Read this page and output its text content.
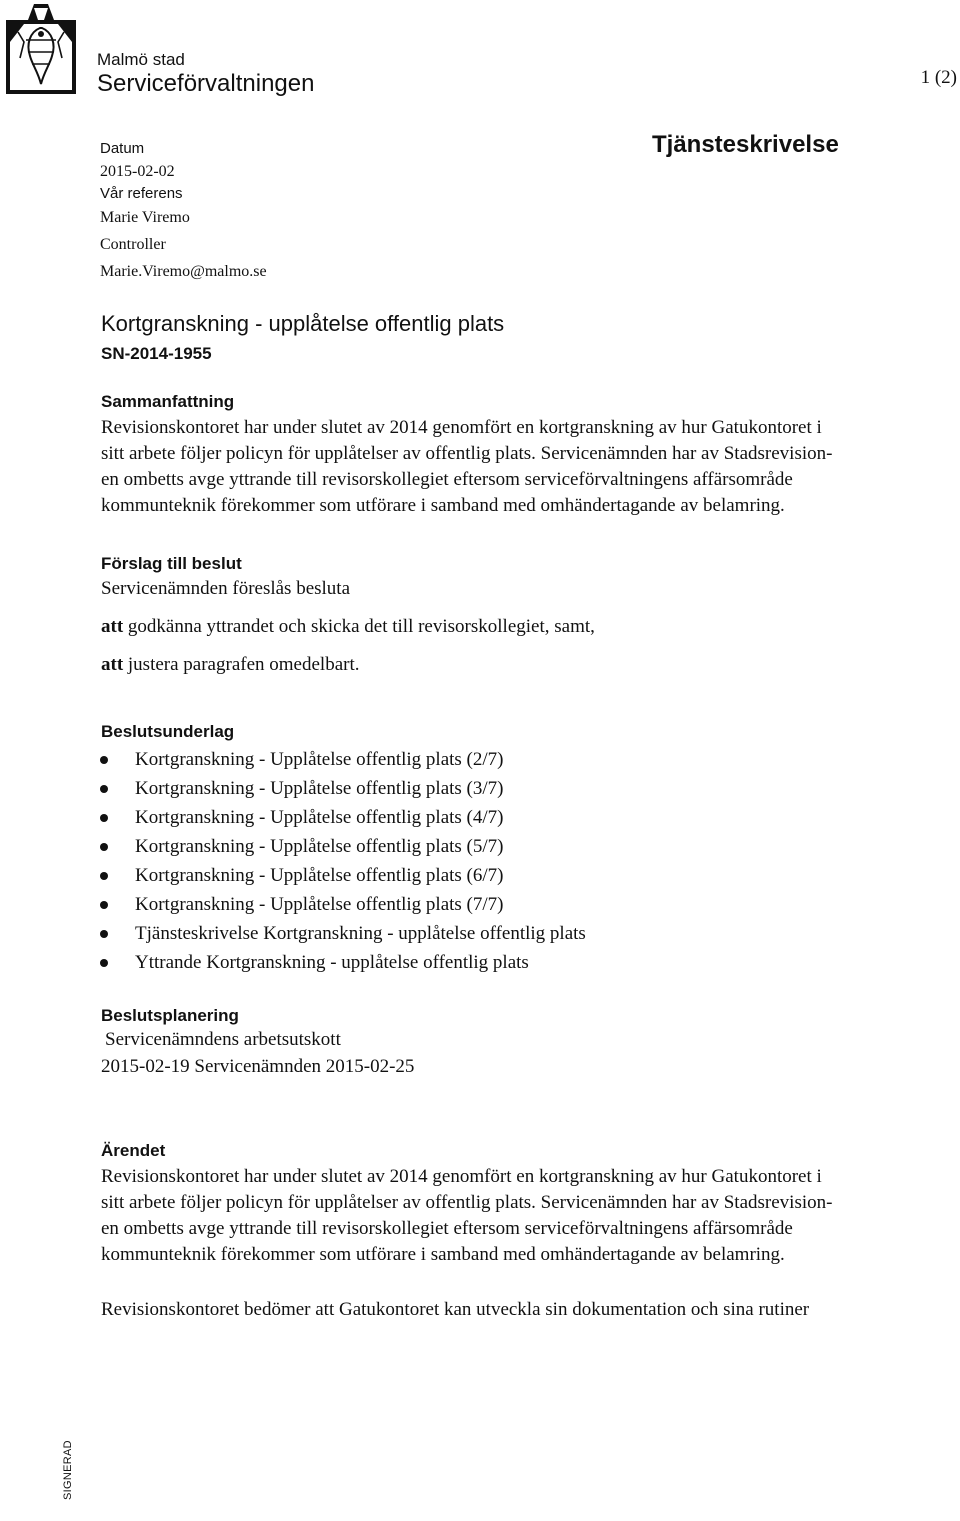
Malmö stad
Serviceförvaltningen	1 (2)
Tjänsteskrivelse
Datum
2015-02-02
Vår referens
Marie Viremo
Controller
Marie.Viremo@malmo.se
Kortgranskning - upplåtelse offentlig plats
SN-2014-1955
Sammanfattning
Revisionskontoret har under slutet av 2014 genomfört en kortgranskning av hur Gatukontoret i
sitt arbete följer policyn för upplåtelser av offentlig plats. Servicenämnden har av Stadsrevision-
en ombetts avge yttrande till revisorskollegiet eftersom serviceförvaltningens affärsområde
kommunteknik förekommer som utförare i samband med omhändertagande av belamring.
Förslag till beslut
Servicenämnden föreslås besluta
att godkänna yttrandet och skicka det till revisorskollegiet, samt,
att justera paragrafen omedelbart.
Beslutsunderlag
Kortgranskning - Upplåtelse offentlig plats (2/7)
Kortgranskning - Upplåtelse offentlig plats (3/7)
Kortgranskning - Upplåtelse offentlig plats (4/7)
Kortgranskning - Upplåtelse offentlig plats (5/7)
Kortgranskning - Upplåtelse offentlig plats (6/7)
Kortgranskning - Upplåtelse offentlig plats (7/7)
Tjänsteskrivelse Kortgranskning - upplåtelse offentlig plats
Yttrande Kortgranskning - upplåtelse offentlig plats
Beslutsplanering
Servicenämndens arbetsutskott
2015-02-19 Servicenämnden 2015-02-25
Ärendet
Revisionskontoret har under slutet av 2014 genomfört en kortgranskning av hur Gatukontoret i
sitt arbete följer policyn för upplåtelser av offentlig plats. Servicenämnden har av Stadsrevision-
en ombetts avge yttrande till revisorskollegiet eftersom serviceförvaltningens affärsområde
kommunteknik förekommer som utförare i samband med omhändertagande av belamring.
Revisionskontoret bedömer att Gatukontoret kan utveckla sin dokumentation och sina rutiner
SIGNERAD
